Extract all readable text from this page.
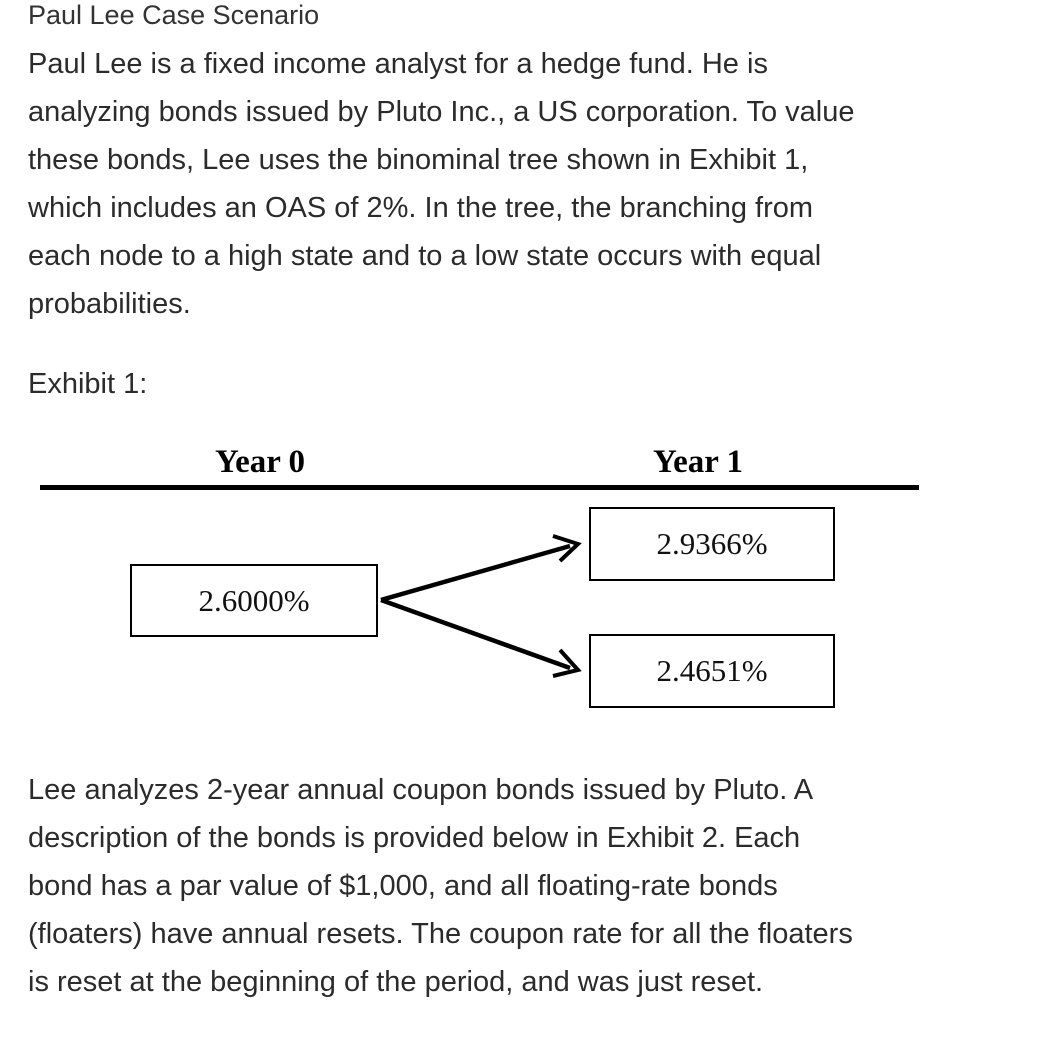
Paul Lee Case Scenario
Paul Lee is a fixed income analyst for a hedge fund. He is
analyzing bonds issued by Pluto Inc., a US corporation. To value
these bonds, Lee uses the binominal tree shown in Exhibit 1,
which includes an OAS of 2%. In the tree, the branching from
each node to a high state and to a low state occurs with equal
probabilities.
Exhibit 1:
Year 0	Year 1
2.6000%
2.9366%
2.4651%
Lee analyzes 2-year annual coupon bonds issued by Pluto. A
description of the bonds is provided below in Exhibit 2. Each
bond has a par value of $1,000, and all floating-rate bonds
(floaters) have annual resets. The coupon rate for all the floaters
is reset at the beginning of the period, and was just reset.
